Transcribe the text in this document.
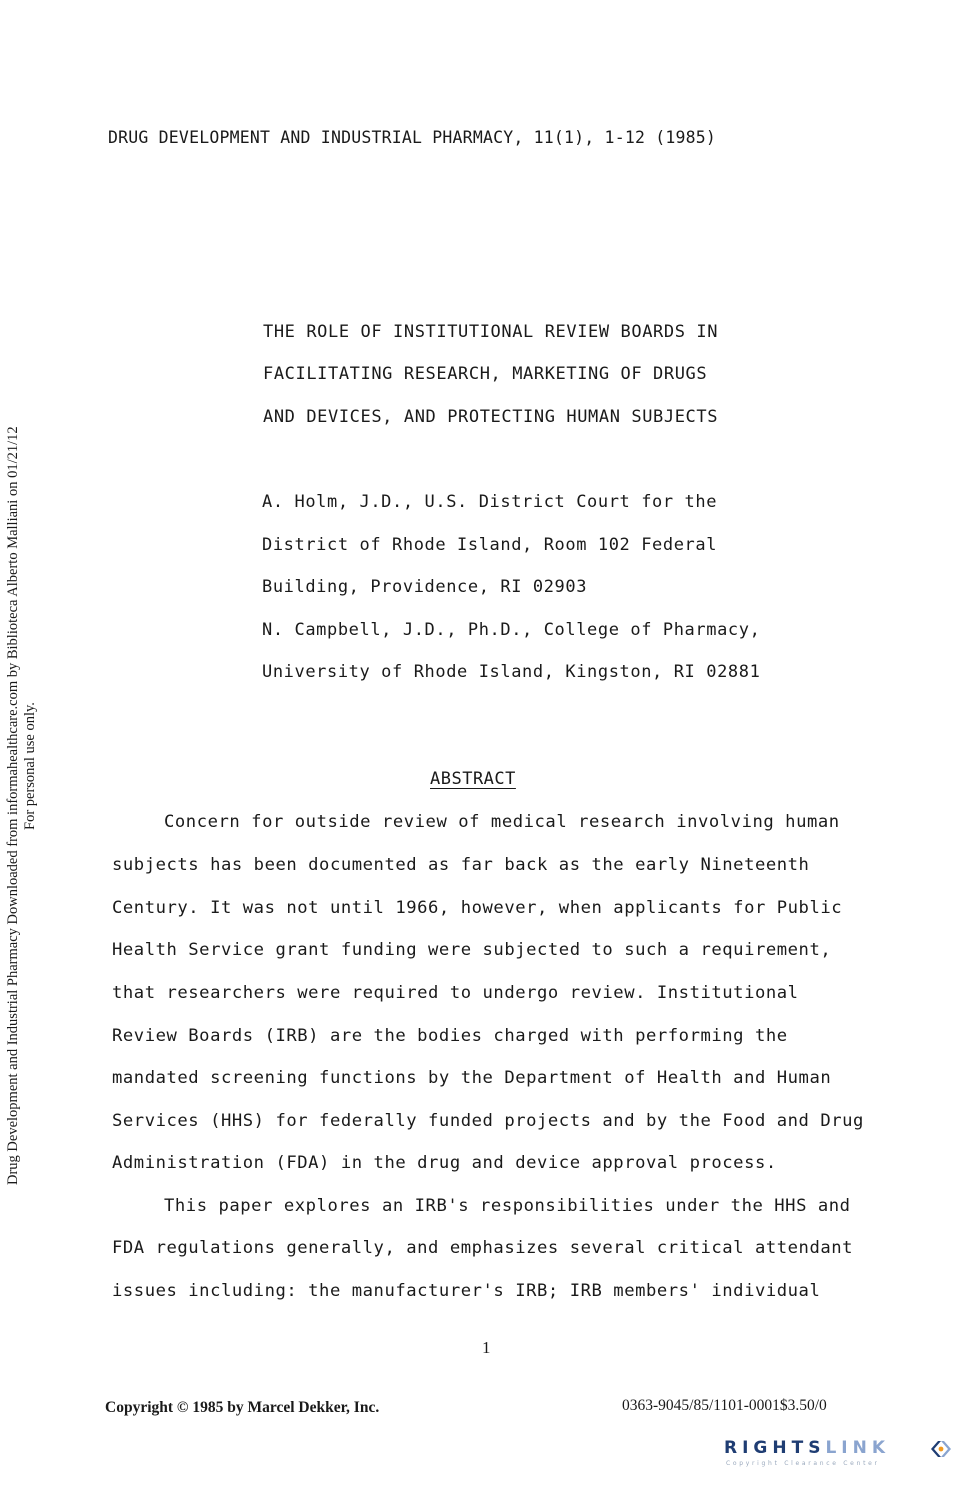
DRUG DEVELOPMENT AND INDUSTRIAL PHARMACY, 11(1), 1-12 (1985)
Drug Development and Industrial Pharmacy Downloaded from informahealthcare.com by Biblioteca Alberto Malliani on 01/21/12 For personal use only.
THE ROLE OF INSTITUTIONAL REVIEW BOARDS IN
FACILITATING RESEARCH, MARKETING OF DRUGS
AND DEVICES, AND PROTECTING HUMAN SUBJECTS
A. Holm, J.D., U.S. District Court for the
District of Rhode Island, Room 102 Federal
Building, Providence, RI 02903
N. Campbell, J.D., Ph.D., College of Pharmacy,
University of Rhode Island, Kingston, RI 02881
ABSTRACT
Concern for outside review of medical research involving human
subjects has been documented as far back as the early Nineteenth
Century. It was not until 1966, however, when applicants for Public
Health Service grant funding were subjected to such a requirement,
that researchers were required to undergo review. Institutional
Review Boards (IRB) are the bodies charged with performing the
mandated screening functions by the Department of Health and Human
Services (HHS) for federally funded projects and by the Food and Drug
Administration (FDA) in the drug and device approval process.
This paper explores an IRB's responsibilities under the HHS and
FDA regulations generally, and emphasizes several critical attendant
issues including: the manufacturer's IRB; IRB members' individual
1
Copyright © 1985 by Marcel Dekker, Inc.	0363-9045/85/1101-0001$3.50/0
RIGHTSLINK
Copyright Clearance Center
